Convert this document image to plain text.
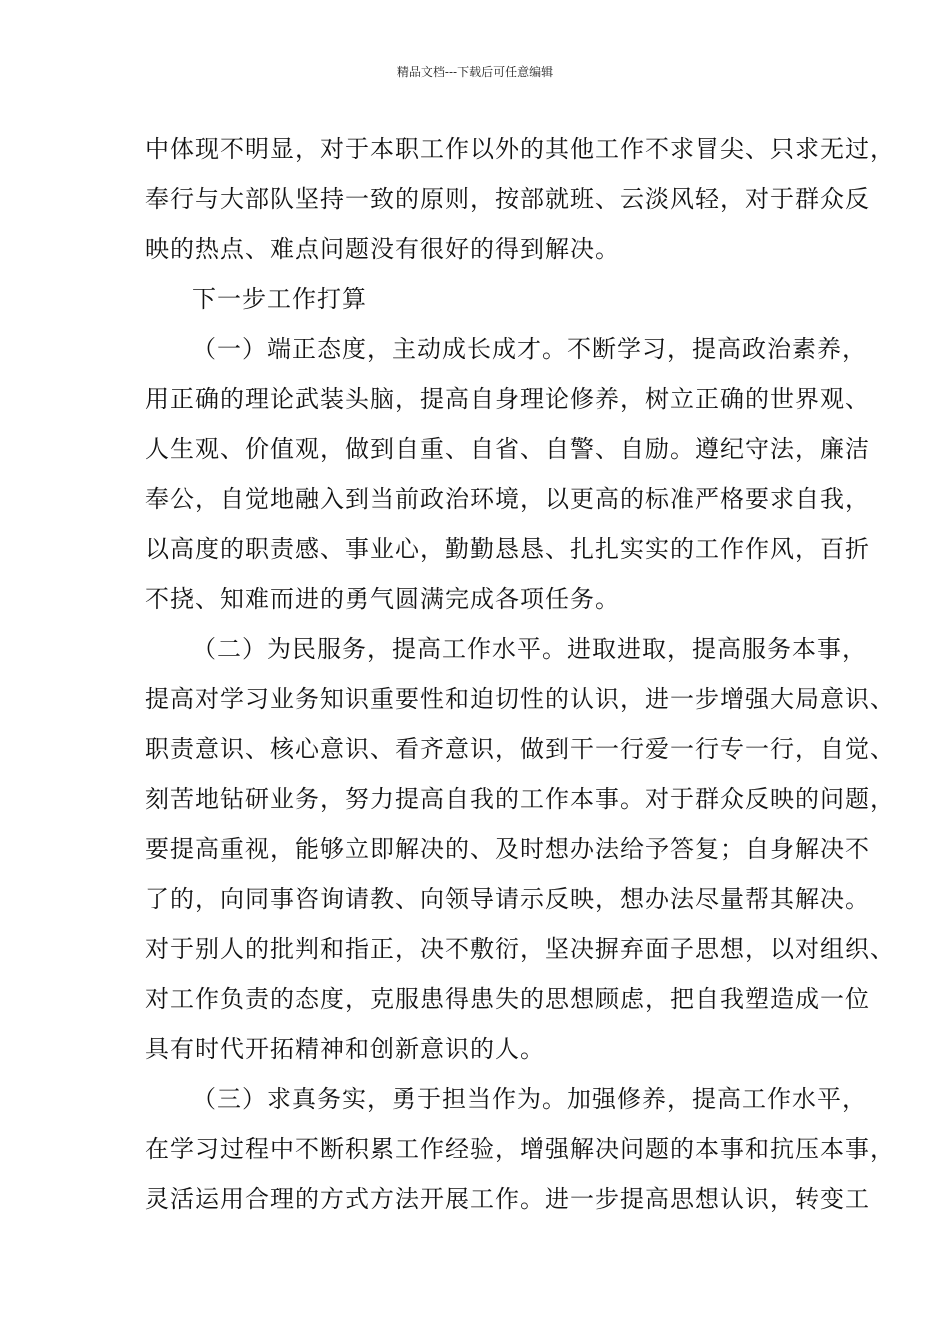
精品文档---下载后可任意编辑
中体现不明显，对于本职工作以外的其他工作不求冒尖、只求无过，
奉行与大部队坚持一致的原则，按部就班、云淡风轻，对于群众反
映的热点、难点问题没有很好的得到解决。
下一步工作打算
（一）端正态度，主动成长成才。不断学习，提高政治素养，
用正确的理论武装头脑，提高自身理论修养，树立正确的世界观、
人生观、价值观，做到自重、自省、自警、自励。遵纪守法，廉洁
奉公，自觉地融入到当前政治环境，以更高的标准严格要求自我，
以高度的职责感、事业心，勤勤恳恳、扎扎实实的工作作风，百折
不挠、知难而进的勇气圆满完成各项任务。
（二）为民服务，提高工作水平。进取进取，提高服务本事，
提高对学习业务知识重要性和迫切性的认识，进一步增强大局意识、
职责意识、核心意识、看齐意识，做到干一行爱一行专一行，自觉、
刻苦地钻研业务，努力提高自我的工作本事。对于群众反映的问题，
要提高重视，能够立即解决的、及时想办法给予答复；自身解决不
了的，向同事咨询请教、向领导请示反映，想办法尽量帮其解决。
对于别人的批判和指正，决不敷衍，坚决摒弃面子思想，以对组织、
对工作负责的态度，克服患得患失的思想顾虑，把自我塑造成一位
具有时代开拓精神和创新意识的人。
（三）求真务实，勇于担当作为。加强修养，提高工作水平，
在学习过程中不断积累工作经验，增强解决问题的本事和抗压本事，
灵活运用合理的方式方法开展工作。进一步提高思想认识，转变工
